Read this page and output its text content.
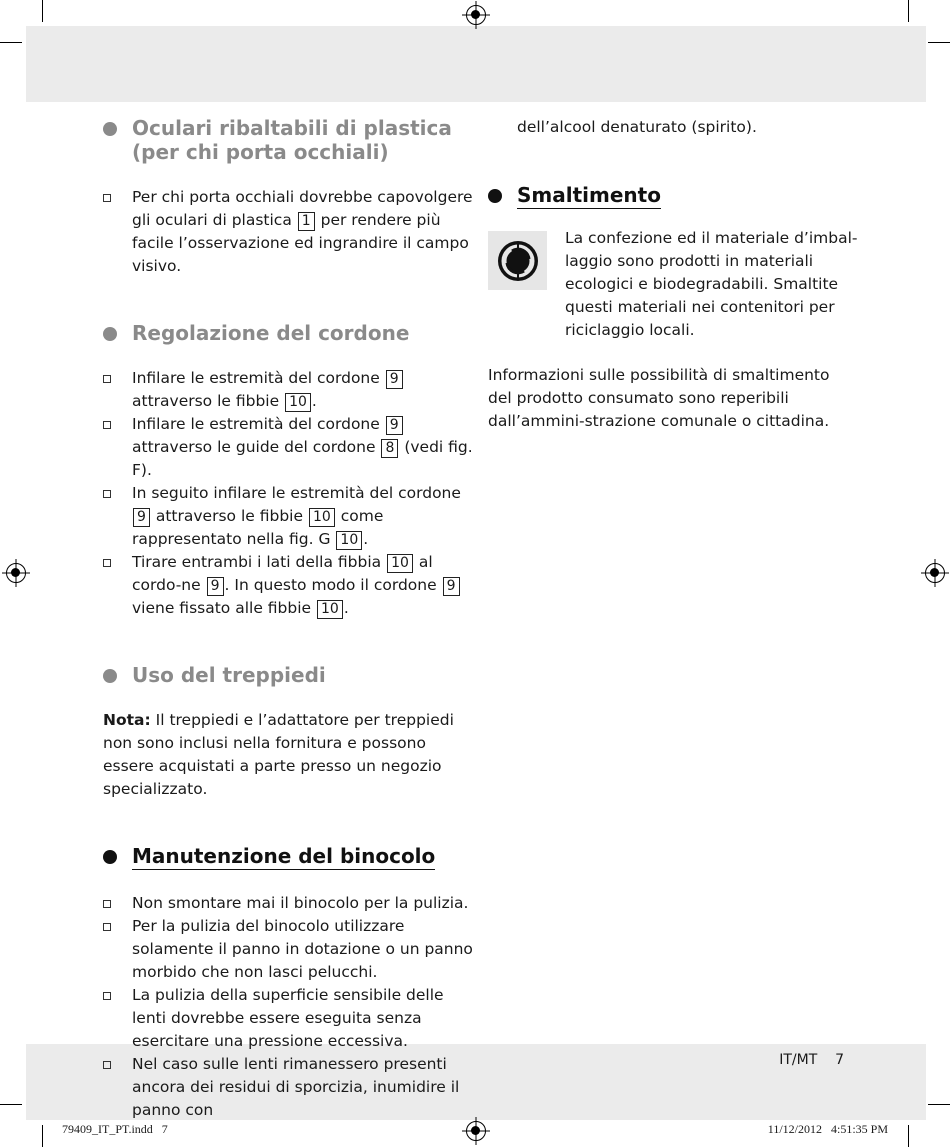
Oculari ribaltabili di plastica (per chi porta occhiali)
Per chi porta occhiali dovrebbe capovolgere gli oculari di plastica 1 per rendere più facile l’osservazione ed ingrandire il campo visivo.
Regolazione del cordone
Infilare le estremità del cordone 9 attraverso le fibbie 10 .
Infilare le estremità del cordone 9 attraverso le guide del cordone 8 (vedi fig. F).
In seguito infilare le estremità del cordone 9 attraverso le fibbie 10 come rappresentato nella fig. G 10 .
Tirare entrambi i lati della fibbia 10 al cordo-ne 9 . In questo modo il cordone 9 viene fissato alle fibbie 10 .
Uso del treppiedi

Nota: Il treppiedi e l’adattatore per treppiedi non sono inclusi nella fornitura e possono essere acquistati a parte presso un negozio specializzato.

Manutenzione del binocolo
Non smontare mai il binocolo per la pulizia.
Per la pulizia del binocolo utilizzare solamente il panno in dotazione o un panno morbido che non lasci pelucchi.
La pulizia della superficie sensibile delle lenti dovrebbe essere eseguita senza esercitare una pressione eccessiva.
Nel caso sulle lenti rimanessero presenti ancora dei residui di sporcizia, inumidire il panno con

dell’alcool denaturato (spirito).

Smaltimento

La confezione ed il materiale d’imbal-laggio sono prodotti in materiali ecologici e biodegradabili. Smaltite questi materiali nei contenitori per riciclaggio locali.

Informazioni sulle possibilità di smaltimento del prodotto consumato sono reperibili dall’ammini-strazione comunale o cittadina.

IT/MT    7
79409_IT_PT.indd   7	11/12/2012   4:51:35 PM
